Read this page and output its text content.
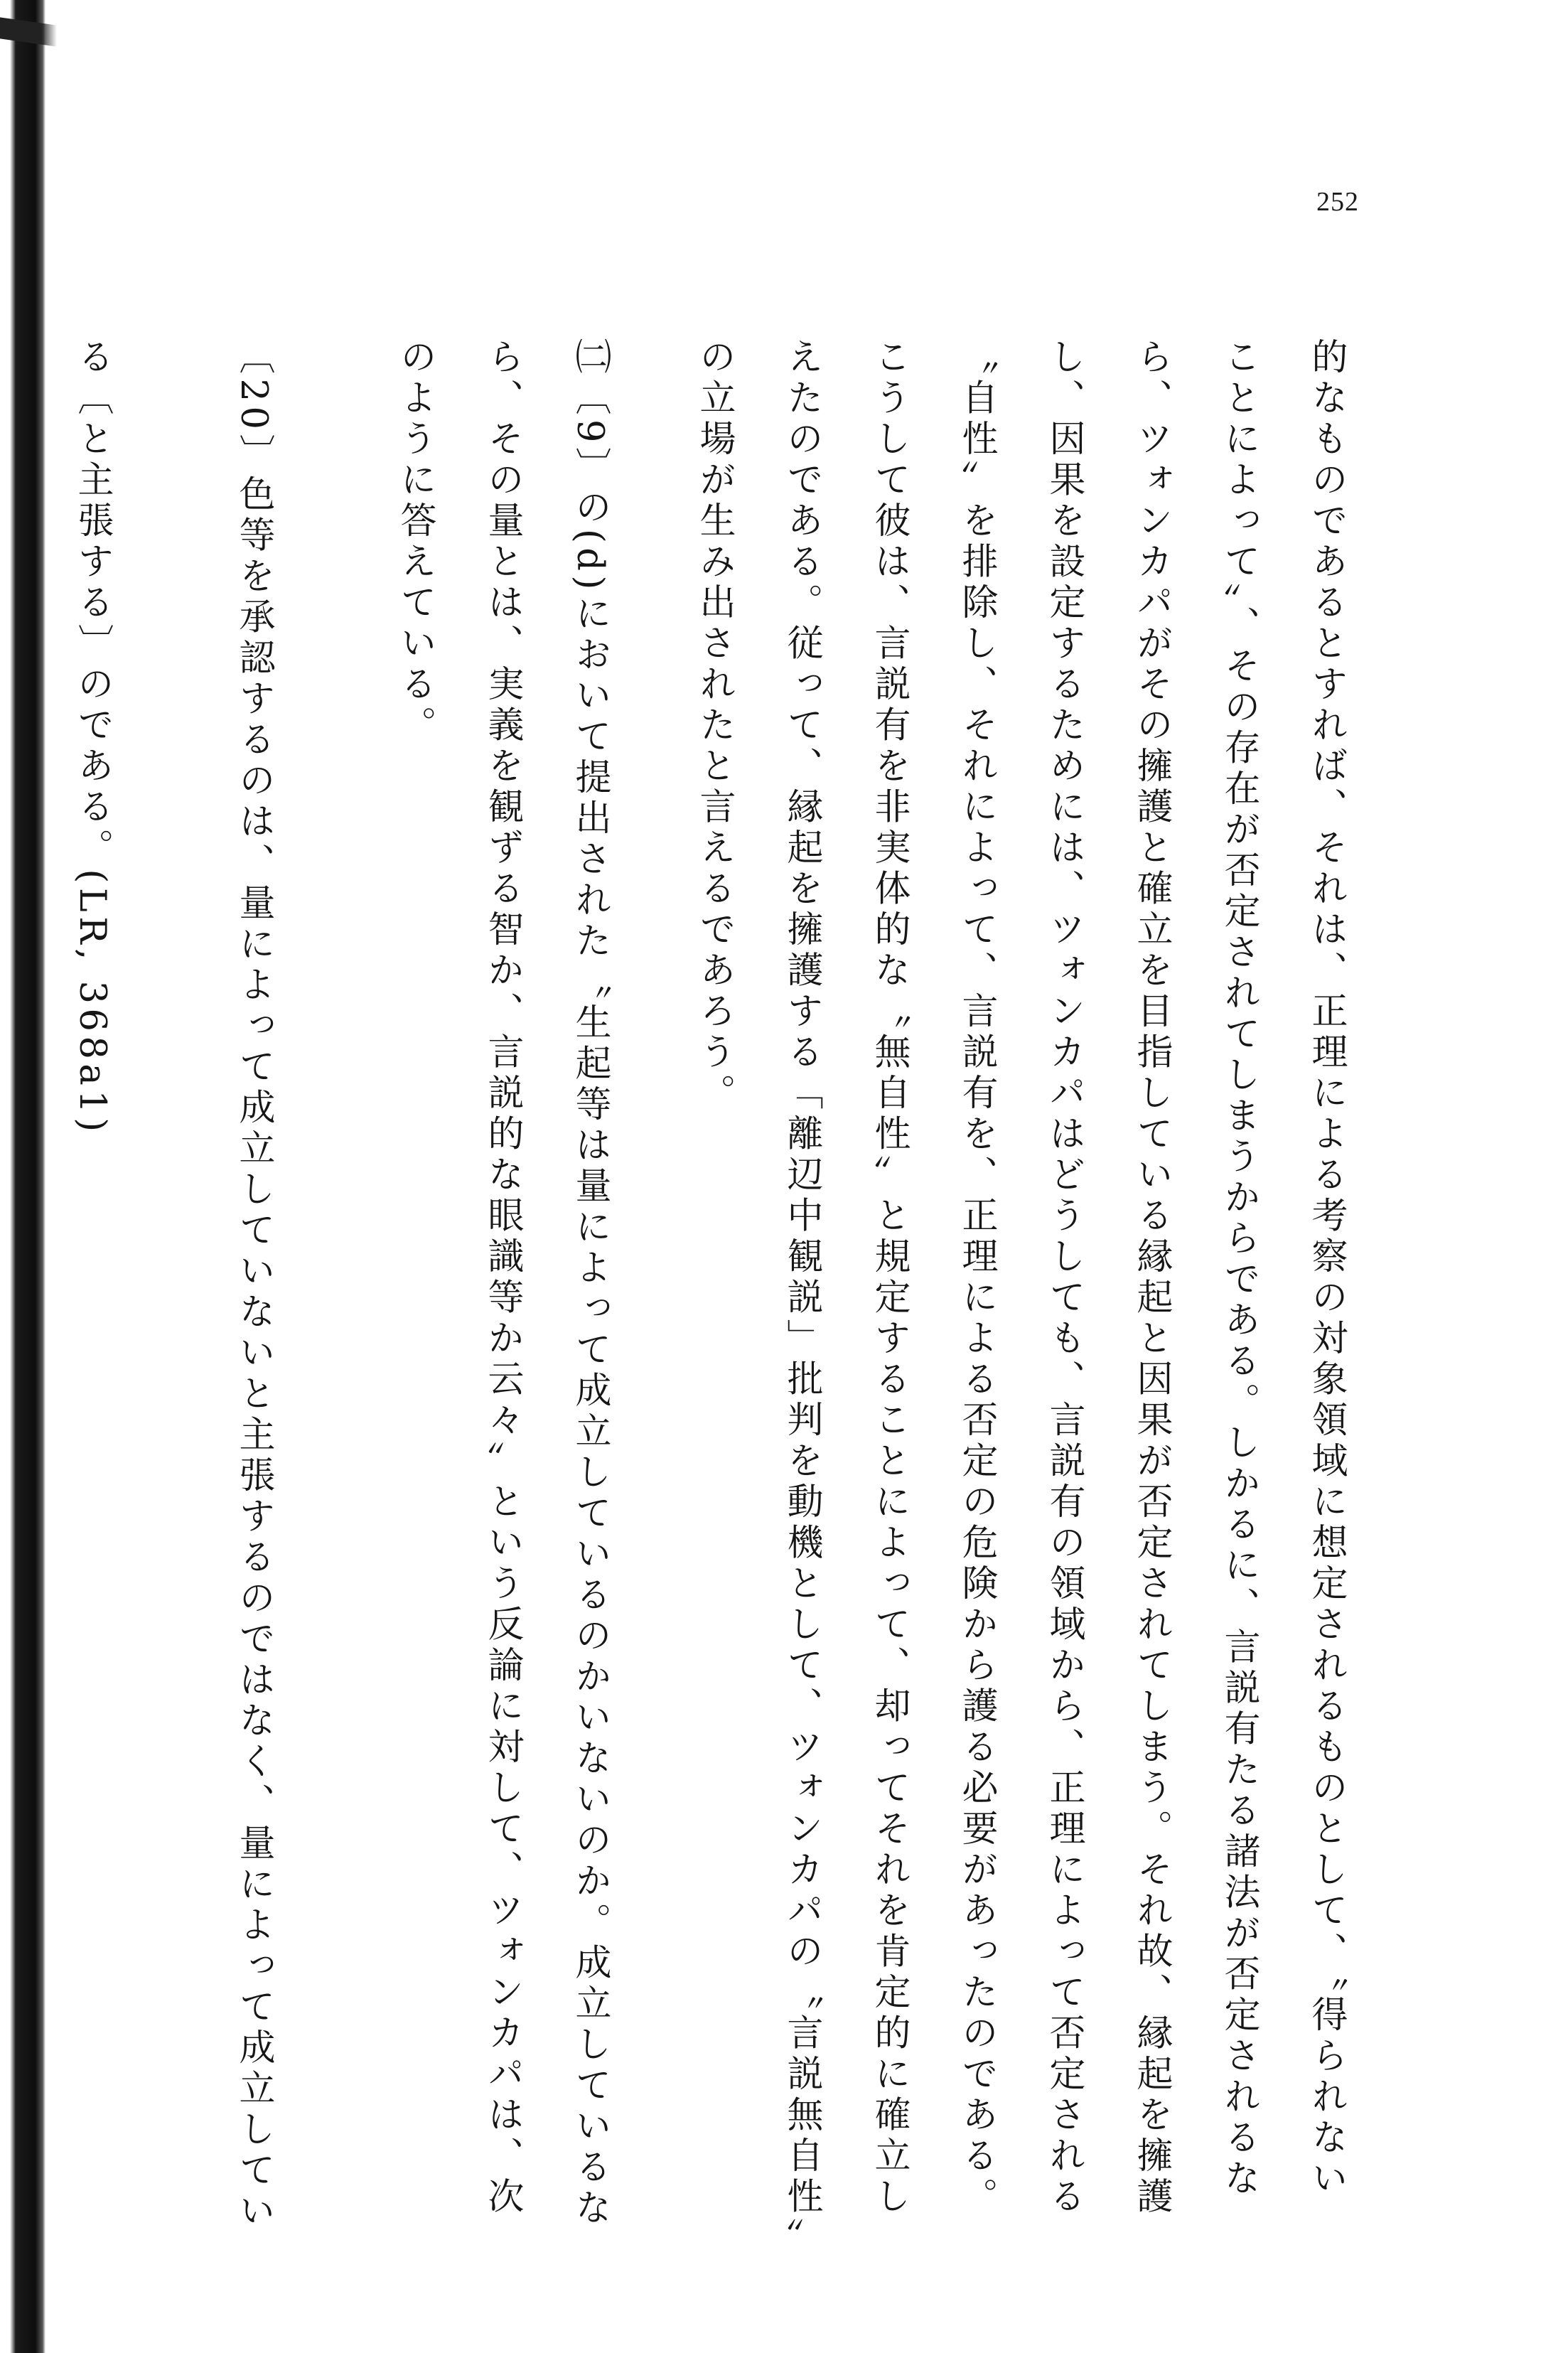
252

的なものであるとすれば、それは、正理による考察の対象領域に想定されるものとして、〝得られない
ことによって〞、その存在が否定されてしまうからである。しかるに、言説有たる諸法が否定されるな
ら、ツォンカパがその擁護と確立を目指している縁起と因果が否定されてしまう。それ故、縁起を擁護
し、因果を設定するためには、ツォンカパはどうしても、言説有の領域から、正理によって否定される
〝自性〞を排除し、それによって、言説有を、正理による否定の危険から護る必要があったのである。
こうして彼は、言説有を非実体的な〝無自性〞と規定することによって、却ってそれを肯定的に確立し
えたのである。従って、縁起を擁護する「離辺中観説」批判を動機として、ツォンカパの〝言説無自性〞
の立場が生み出されたと言えるであろう。
㈡〔9〕の(d)において提出された〝生起等は量によって成立しているのかいないのか。成立しているな
ら、その量とは、実義を観ずる智か、言説的な眼識等か云々〞という反論に対して、ツォンカパは、次
のように答えている。
〔20〕色等を承認するのは、量によって成立していないと主張するのではなく、量によって成立してい
る〔と主張する〕のである。(LR, 368a1)
